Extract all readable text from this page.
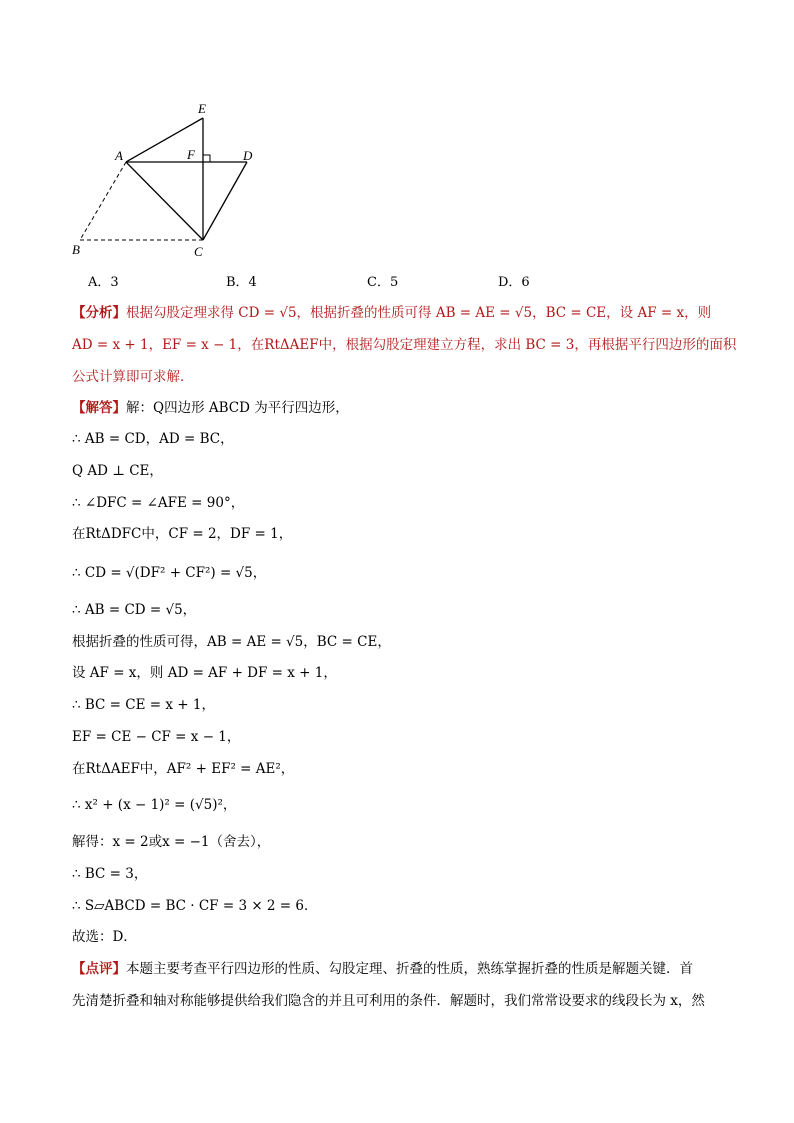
E
A	F	D
B	C
A．3	B．4	C．5	D．6
【分析】根据勾股定理求得 CD = √5，根据折叠的性质可得 AB = AE = √5，BC = CE，设 AF = x，则
AD = x + 1，EF = x − 1，在RtΔAEF中，根据勾股定理建立方程，求出 BC = 3，再根据平行四边形的面积
公式计算即可求解．
【解答】解：Q四边形 ABCD 为平行四边形，
∴ AB = CD，AD = BC，
Q AD ⊥ CE，
∴ ∠DFC = ∠AFE = 90°，
在RtΔDFC中，CF = 2，DF = 1，
∴ CD = √(DF² + CF²) = √5，
∴ AB = CD = √5，
根据折叠的性质可得，AB = AE = √5，BC = CE，
设 AF = x，则 AD = AF + DF = x + 1，
∴ BC = CE = x + 1，
EF = CE − CF = x − 1，
在RtΔAEF中，AF² + EF² = AE²，
∴ x² + (x − 1)² = (√5)²，
解得：x = 2或x = −1（舍去），
∴ BC = 3，
∴ S▱ABCD = BC · CF = 3 × 2 = 6．
故选：D．
【点评】本题主要考查平行四边形的性质、勾股定理、折叠的性质，熟练掌握折叠的性质是解题关键．首
先清楚折叠和轴对称能够提供给我们隐含的并且可利用的条件．解题时，我们常常设要求的线段长为 x，然
